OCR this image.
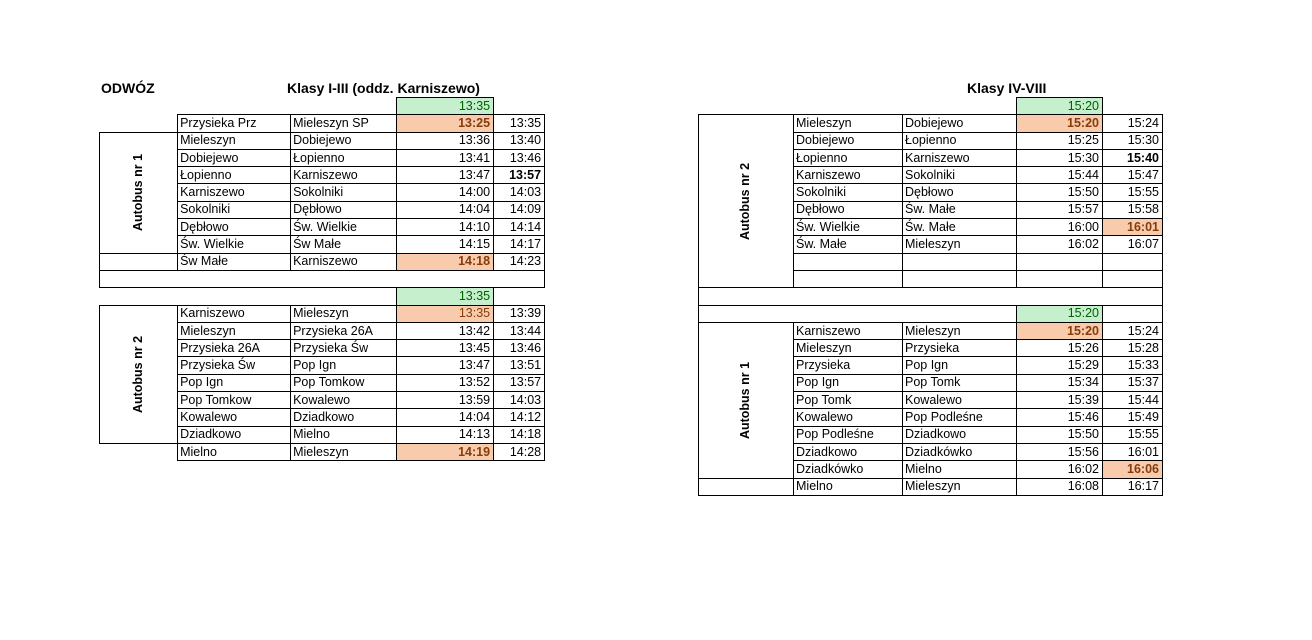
ODWÓZ	Klasy I-III (oddz. Karniszewo)	Klasy IV-VIII
			13:35	
	Przysieka Prz	Mieleszyn SP	13:25	13:35
Autobus nr 1	Mieleszyn	Dobiejewo	13:36	13:40
	Dobiejewo	Łopienno	13:41	13:46
	Łopienno	Karniszewo	13:47	13:57
	Karniszewo	Sokolniki	14:00	14:03
	Sokolniki	Dębłowo	14:04	14:09
	Dębłowo	Św. Wielkie	14:10	14:14
	Św. Wielkie	Św Małe	14:15	14:17
	Św Małe	Karniszewo	14:18	14:23

			13:35	
Autobus nr 2	Karniszewo	Mieleszyn	13:35	13:39
	Mieleszyn	Przysieka 26A	13:42	13:44
	Przysieka 26A	Przysieka Św	13:45	13:46
	Przysieka Św	Pop Ign	13:47	13:51
	Pop Ign	Pop Tomkow	13:52	13:57
	Pop Tomkow	Kowalewo	13:59	14:03
	Kowalewo	Dziadkowo	14:04	14:12
	Dziadkowo	Mielno	14:13	14:18
	Mielno	Mieleszyn	14:19	14:28
			15:20	
Autobus nr 2	Mieleszyn	Dobiejewo	15:20	15:24
	Dobiejewo	Łopienno	15:25	15:30
	Łopienno	Karniszewo	15:30	15:40
	Karniszewo	Sokolniki	15:44	15:47
	Sokolniki	Dębłowo	15:50	15:55
	Dębłowo	Św. Małe	15:57	15:58
	Św. Wielkie	Św. Małe	16:00	16:01
	Św. Małe	Mieleszyn	16:02	16:07

			15:20	
Autobus nr 1	Karniszewo	Mieleszyn	15:20	15:24
	Mieleszyn	Przysieka	15:26	15:28
	Przysieka	Pop Ign	15:29	15:33
	Pop Ign	Pop Tomk	15:34	15:37
	Pop Tomk	Kowalewo	15:39	15:44
	Kowalewo	Pop Podleśne	15:46	15:49
	Pop Podleśne	Dziadkowo	15:50	15:55
	Dziadkowo	Dziadkówko	15:56	16:01
	Dziadkówko	Mielno	16:02	16:06
	Mielno	Mieleszyn	16:08	16:17
